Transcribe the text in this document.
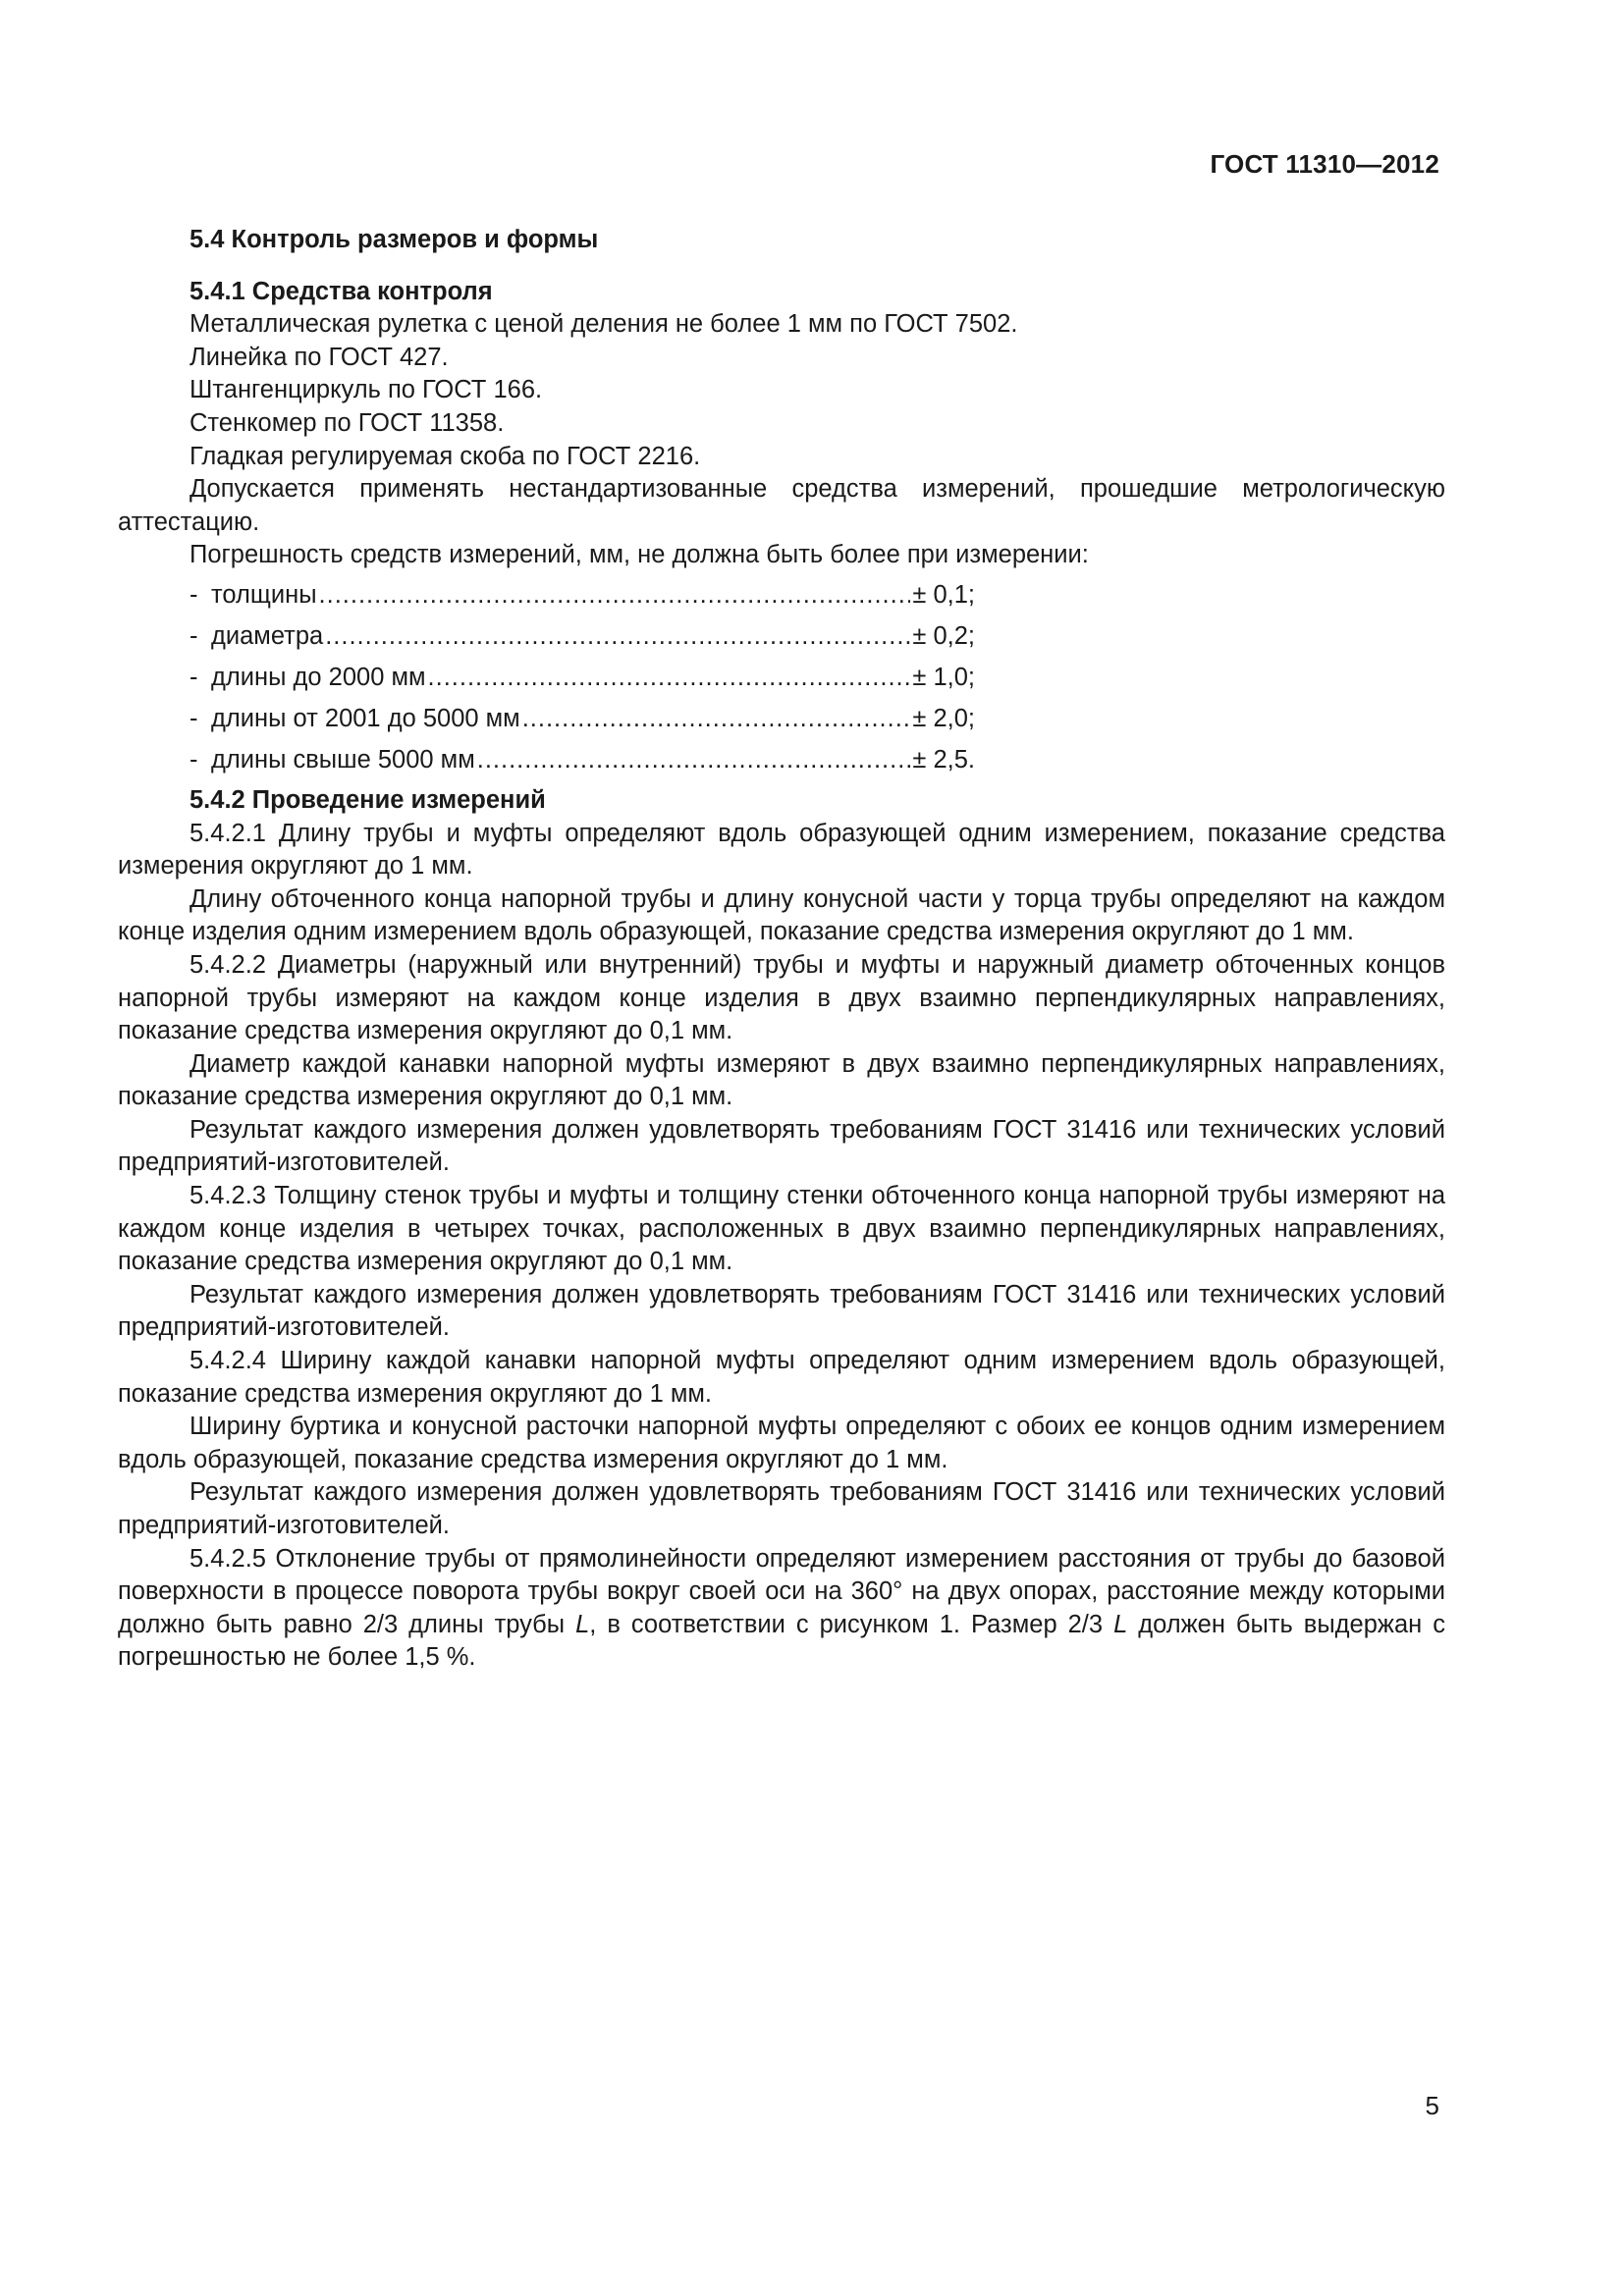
ГОСТ 11310—2012
5.4 Контроль размеров и формы
5.4.1 Средства контроля

Металлическая рулетка с ценой деления не более 1 мм по ГОСТ 7502.

Линейка по ГОСТ 427.

Штангенциркуль по ГОСТ 166.

Стенкомер по ГОСТ 11358.

Гладкая регулируемая скоба по ГОСТ 2216.

Допускается применять нестандартизованные средства измерений, прошедшие метрологическую аттестацию.

Погрешность средств измерений, мм, не должна быть более при измерении:

- толщины .....	± 0,1;
- диаметра .....	± 0,2;
- длины до 2000 мм .....	± 1,0;
- длины от 2001 до 5000 мм .....	± 2,0;
- длины свыше 5000 мм .....	± 2,5.
5.4.2 Проведение измерений

5.4.2.1 Длину трубы и муфты определяют вдоль образующей одним измерением, показание средства измерения округляют до 1 мм.

Длину обточенного конца напорной трубы и длину конусной части у торца трубы определяют на каждом конце изделия одним измерением вдоль образующей, показание средства измерения округляют до 1 мм.

5.4.2.2 Диаметры (наружный или внутренний) трубы и муфты и наружный диаметр обточенных концов напорной трубы измеряют на каждом конце изделия в двух взаимно перпендикулярных направлениях, показание средства измерения округляют до 0,1 мм.

Диаметр каждой канавки напорной муфты измеряют в двух взаимно перпендикулярных направлениях, показание средства измерения округляют до 0,1 мм.

Результат каждого измерения должен удовлетворять требованиям ГОСТ 31416 или технических условий предприятий-изготовителей.

5.4.2.3 Толщину стенок трубы и муфты и толщину стенки обточенного конца напорной трубы измеряют на каждом конце изделия в четырех точках, расположенных в двух взаимно перпендикулярных направлениях, показание средства измерения округляют до 0,1 мм.

Результат каждого измерения должен удовлетворять требованиям ГОСТ 31416 или технических условий предприятий-изготовителей.

5.4.2.4 Ширину каждой канавки напорной муфты определяют одним измерением вдоль образующей, показание средства измерения округляют до 1 мм.

Ширину буртика и конусной расточки напорной муфты определяют с обоих ее концов одним измерением вдоль образующей, показание средства измерения округляют до 1 мм.

Результат каждого измерения должен удовлетворять требованиям ГОСТ 31416 или технических условий предприятий-изготовителей.

5.4.2.5 Отклонение трубы от прямолинейности определяют измерением расстояния от трубы до базовой поверхности в процессе поворота трубы вокруг своей оси на 360° на двух опорах, расстояние между которыми должно быть равно 2/3 длины трубы L, в соответствии с рисунком 1. Размер 2/3 L должен быть выдержан с погрешностью не более 1,5 %.

5
